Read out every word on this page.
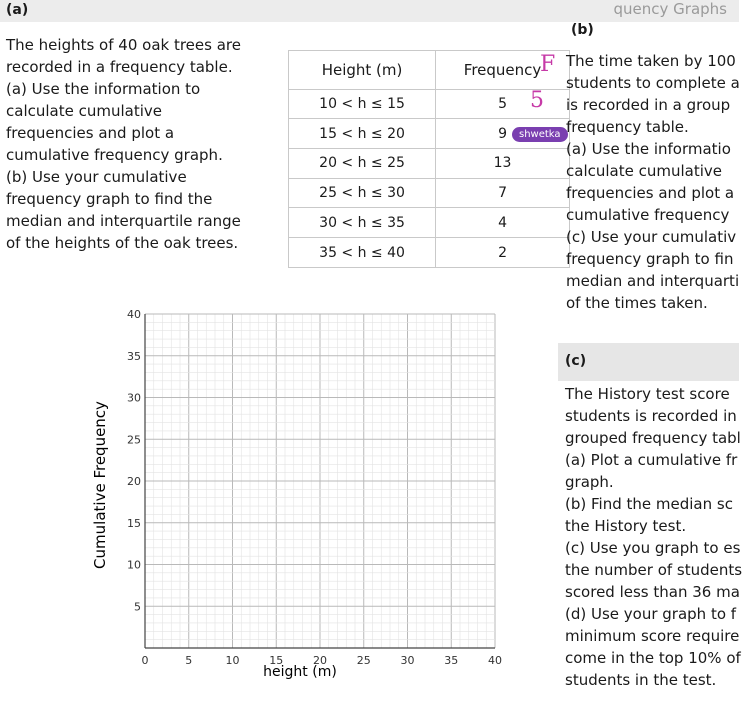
quency Graphs
(a)
The heights of 40 oak trees are
recorded in a frequency table.
(a) Use the information to
calculate cumulative
frequencies and plot a
cumulative frequency graph.
(b) Use your cumulative
frequency graph to find the
median and interquartile range
of the heights of the oak trees.
Height (m)	Frequency
10 < h ≤ 15	5
15 < h ≤ 20	9
20 < h ≤ 25	13
25 < h ≤ 30	7
30 < h ≤ 35	4
35 < h ≤ 40	2
F
5
shwetka
(b)
The time taken by 100
students to complete a
is recorded in a group
frequency table.
(a) Use the informatio
calculate cumulative
frequencies and plot a
cumulative frequency
(c) Use your cumulativ
frequency graph to fin
median and interquarti
of the times taken.
(c)
The History test score
students is recorded in
grouped frequency tabl
(a) Plot a cumulative fr
graph.
(b) Find the median sc
the History test.
(c) Use you graph to es
the number of students
scored less than 36 ma
(d) Use your graph to f
minimum score require
come in the top 10% of
students in the test.
0	5	10	15	20	25	30	35	40
5
10
15
20
25
30
35
40
Cumulative Frequency
height (m)
